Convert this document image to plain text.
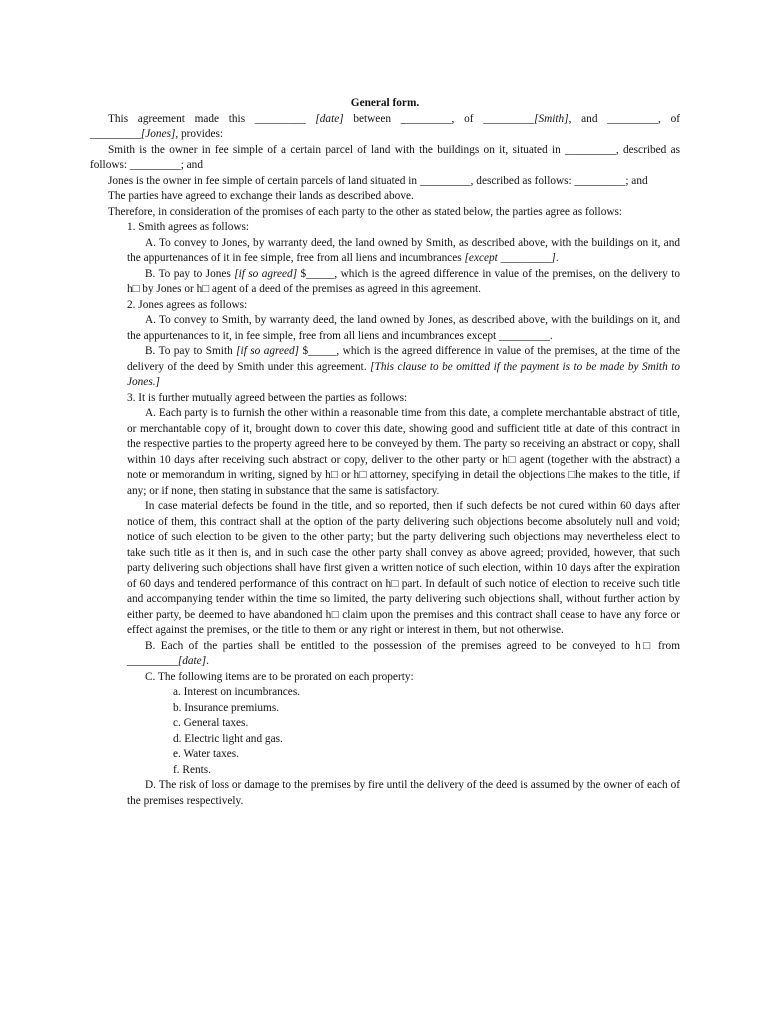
General form.
This agreement made this _________ [date] between _________, of _________[Smith], and _________, of _________[Jones], provides:
Smith is the owner in fee simple of a certain parcel of land with the buildings on it, situated in _________, described as follows: _________; and
Jones is the owner in fee simple of certain parcels of land situated in _________, described as follows: _________; and
The parties have agreed to exchange their lands as described above.
Therefore, in consideration of the promises of each party to the other as stated below, the parties agree as follows:
1. Smith agrees as follows:
A. To convey to Jones, by warranty deed, the land owned by Smith, as described above, with the buildings on it, and the appurtenances of it in fee simple, free from all liens and incumbrances [except _________].
B. To pay to Jones [if so agreed] $_____, which is the agreed difference in value of the premises, on the delivery to h□ by Jones or h□ agent of a deed of the premises as agreed in this agreement.
2. Jones agrees as follows:
A. To convey to Smith, by warranty deed, the land owned by Jones, as described above, with the buildings on it, and the appurtenances to it, in fee simple, free from all liens and incumbrances except _________.
B. To pay to Smith [if so agreed] $_____, which is the agreed difference in value of the premises, at the time of the delivery of the deed by Smith under this agreement. [This clause to be omitted if the payment is to be made by Smith to Jones.]
3. It is further mutually agreed between the parties as follows:
A. Each party is to furnish the other within a reasonable time from this date, a complete merchantable abstract of title, or merchantable copy of it, brought down to cover this date, showing good and sufficient title at date of this contract in the respective parties to the property agreed here to be conveyed by them. The party so receiving an abstract or copy, shall within 10 days after receiving such abstract or copy, deliver to the other party or h□ agent (together with the abstract) a note or memorandum in writing, signed by h□ or h□ attorney, specifying in detail the objections □he makes to the title, if any; or if none, then stating in substance that the same is satisfactory.
In case material defects be found in the title, and so reported, then if such defects be not cured within 60 days after notice of them, this contract shall at the option of the party delivering such objections become absolutely null and void; notice of such election to be given to the other party; but the party delivering such objections may nevertheless elect to take such title as it then is, and in such case the other party shall convey as above agreed; provided, however, that such party delivering such objections shall have first given a written notice of such election, within 10 days after the expiration of 60 days and tendered performance of this contract on h□ part. In default of such notice of election to receive such title and accompanying tender within the time so limited, the party delivering such objections shall, without further action by either party, be deemed to have abandoned h□ claim upon the premises and this contract shall cease to have any force or effect against the premises, or the title to them or any right or interest in them, but not otherwise.
B. Each of the parties shall be entitled to the possession of the premises agreed to be conveyed to h□ from _________[date].
C. The following items are to be prorated on each property:
a. Interest on incumbrances.
b. Insurance premiums.
c. General taxes.
d. Electric light and gas.
e. Water taxes.
f. Rents.
D. The risk of loss or damage to the premises by fire until the delivery of the deed is assumed by the owner of each of the premises respectively.
